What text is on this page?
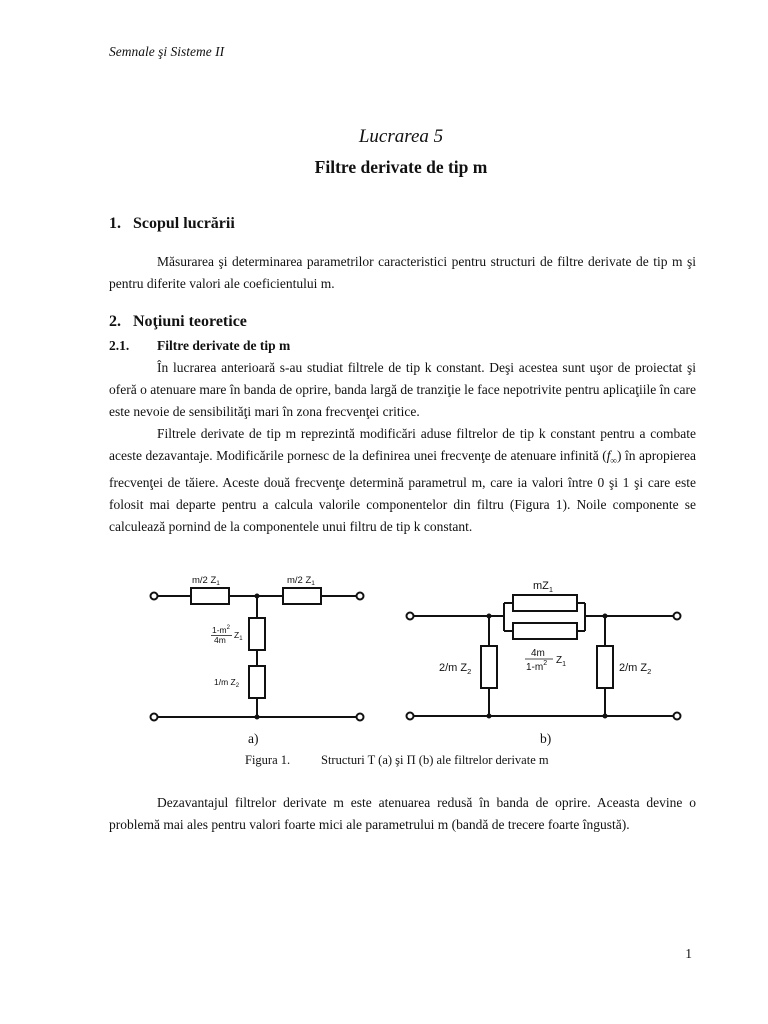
Semnale şi Sisteme II
Lucrarea 5
Filtre derivate de tip m
1. Scopul lucrării
Măsurarea şi determinarea parametrilor caracteristici pentru structuri de filtre derivate de tip m şi pentru diferite valori ale coeficientului m.
2. Noţiuni teoretice
2.1. Filtre derivate de tip m
În lucrarea anterioară s-au studiat filtrele de tip k constant. Deşi acestea sunt uşor de proiectat şi oferă o atenuare mare în banda de oprire, banda largă de tranziţie le face nepotrivite pentru aplicaţiile în care este nevoie de sensibilităţi mari în zona frecvenţei critice.
Filtrele derivate de tip m reprezintă modificări aduse filtrelor de tip k constant pentru a combate aceste dezavantaje. Modificările pornesc de la definirea unei frecvenţe de atenuare infinită $(f_\infty)$ în apropierea frecvenţei de tăiere. Aceste două frecvenţe determină parametrul m, care ia valori între 0 şi 1 şi care este folosit mai departe pentru a calcula valorile componentelor din filtru (Figura 1). Noile componente se calculează pornind de la componentele unui filtru de tip k constant.
m/2 $Z_1$	m/2 $Z_1$
$1-m^2$
4m $Z_1$
1/m $Z_2$
$mZ_1$
4m
$1-m^2$ $Z_1$
2/m $Z_2$	2/m $Z_2$
a)	b)
Figura 1. Structuri T (a) şi Π (b) ale filtrelor derivate m
Dezavantajul filtrelor derivate m este atenuarea redusă în banda de oprire. Aceasta devine o problemă mai ales pentru valori foarte mici ale parametrului m (bandă de trecere foarte îngustă).
1
